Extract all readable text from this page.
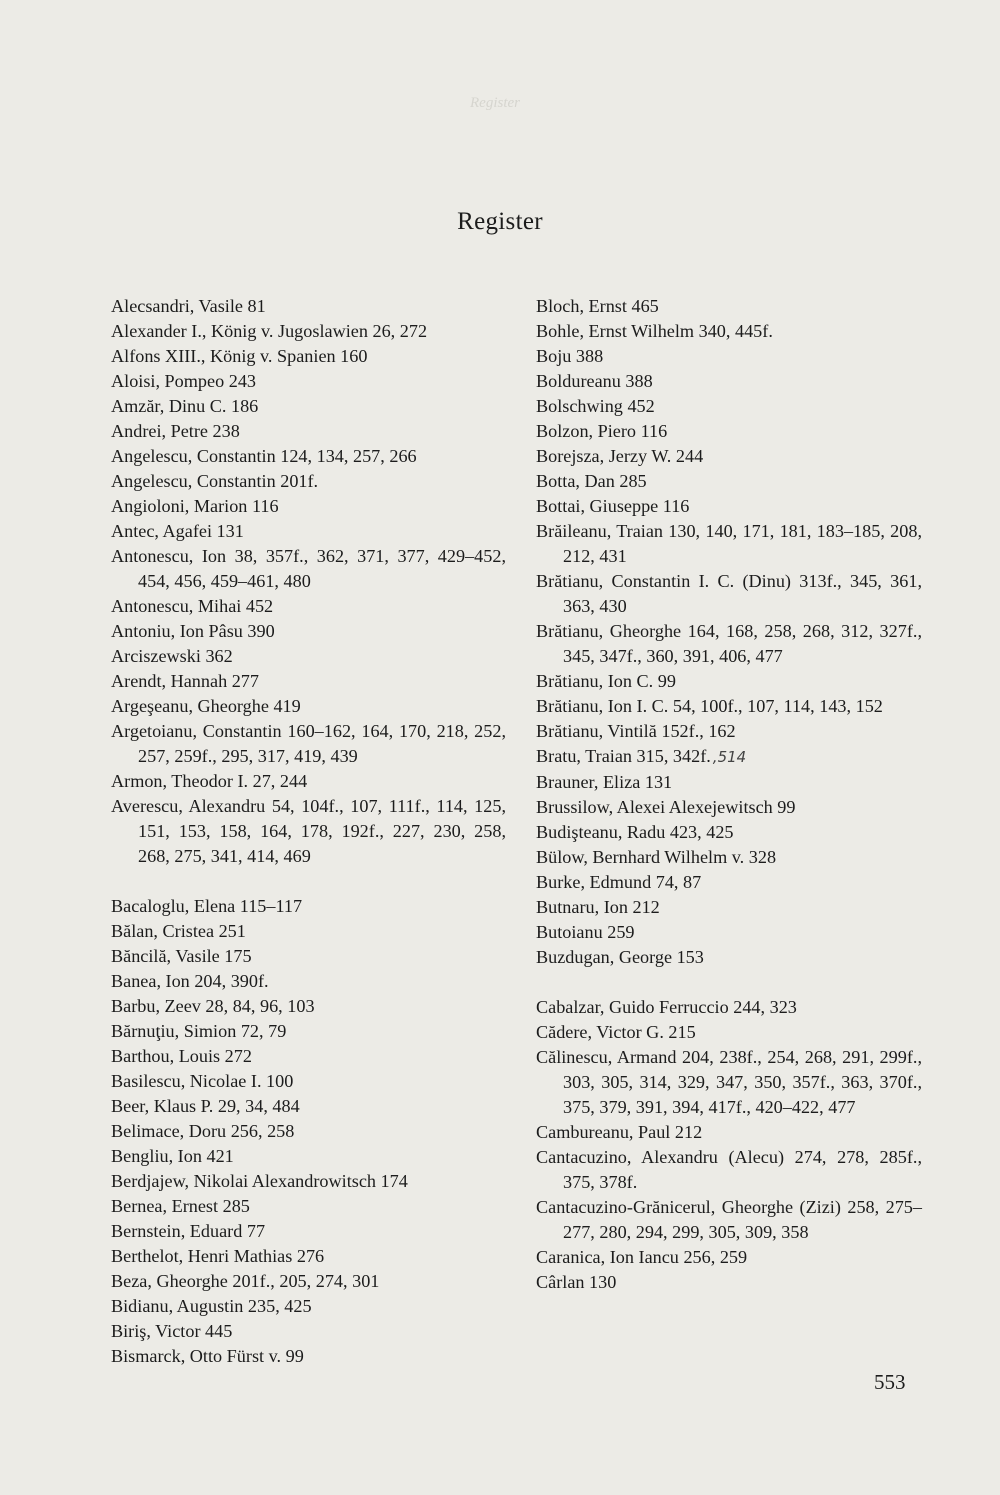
Register
Register
Alecsandri, Vasile 81
Alexander I., König v. Jugoslawien 26, 272
Alfons XIII., König v. Spanien 160
Aloisi, Pompeo 243
Amzăr, Dinu C. 186
Andrei, Petre 238
Angelescu, Constantin 124, 134, 257, 266
Angelescu, Constantin 201f.
Angioloni, Marion 116
Antec, Agafei 131
Antonescu, Ion 38, 357f., 362, 371, 377, 429–452, 454, 456, 459–461, 480
Antonescu, Mihai 452
Antoniu, Ion Pâsu 390
Arciszewski 362
Arendt, Hannah 277
Argeşeanu, Gheorghe 419
Argetoianu, Constantin 160–162, 164, 170, 218, 252, 257, 259f., 295, 317, 419, 439
Armon, Theodor I. 27, 244
Averescu, Alexandru 54, 104f., 107, 111f., 114, 125, 151, 153, 158, 164, 178, 192f., 227, 230, 258, 268, 275, 341, 414, 469
Bacaloglu, Elena 115–117
Bălan, Cristea 251
Băncilă, Vasile 175
Banea, Ion 204, 390f.
Barbu, Zeev 28, 84, 96, 103
Bărnuţiu, Simion 72, 79
Barthou, Louis 272
Basilescu, Nicolae I. 100
Beer, Klaus P. 29, 34, 484
Belimace, Doru 256, 258
Bengliu, Ion 421
Berdjajew, Nikolai Alexandrowitsch 174
Bernea, Ernest 285
Bernstein, Eduard 77
Berthelot, Henri Mathias 276
Beza, Gheorghe 201f., 205, 274, 301
Bidianu, Augustin 235, 425
Biriş, Victor 445
Bismarck, Otto Fürst v. 99
Bloch, Ernst 465
Bohle, Ernst Wilhelm 340, 445f.
Boju 388
Boldureanu 388
Bolschwing 452
Bolzon, Piero 116
Borejsza, Jerzy W. 244
Botta, Dan 285
Bottai, Giuseppe 116
Brăileanu, Traian 130, 140, 171, 181, 183–185, 208, 212, 431
Brătianu, Constantin I. C. (Dinu) 313f., 345, 361, 363, 430
Brătianu, Gheorghe 164, 168, 258, 268, 312, 327f., 345, 347f., 360, 391, 406, 477
Brătianu, Ion C. 99
Brătianu, Ion I. C. 54, 100f., 107, 114, 143, 152
Brătianu, Vintilă 152f., 162
Bratu, Traian 315, 342f. ,514
Brauner, Eliza 131
Brussilow, Alexei Alexejewitsch 99
Budişteanu, Radu 423, 425
Bülow, Bernhard Wilhelm v. 328
Burke, Edmund 74, 87
Butnaru, Ion 212
Butoianu 259
Buzdugan, George 153
Cabalzar, Guido Ferruccio 244, 323
Cădere, Victor G. 215
Călinescu, Armand 204, 238f., 254, 268, 291, 299f., 303, 305, 314, 329, 347, 350, 357f., 363, 370f., 375, 379, 391, 394, 417f., 420–422, 477
Cambureanu, Paul 212
Cantacuzino, Alexandru (Alecu) 274, 278, 285f., 375, 378f.
Cantacuzino-Grănicerul, Gheorghe (Zizi) 258, 275–277, 280, 294, 299, 305, 309, 358
Caranica, Ion Iancu 256, 259
Cârlan 130
553
